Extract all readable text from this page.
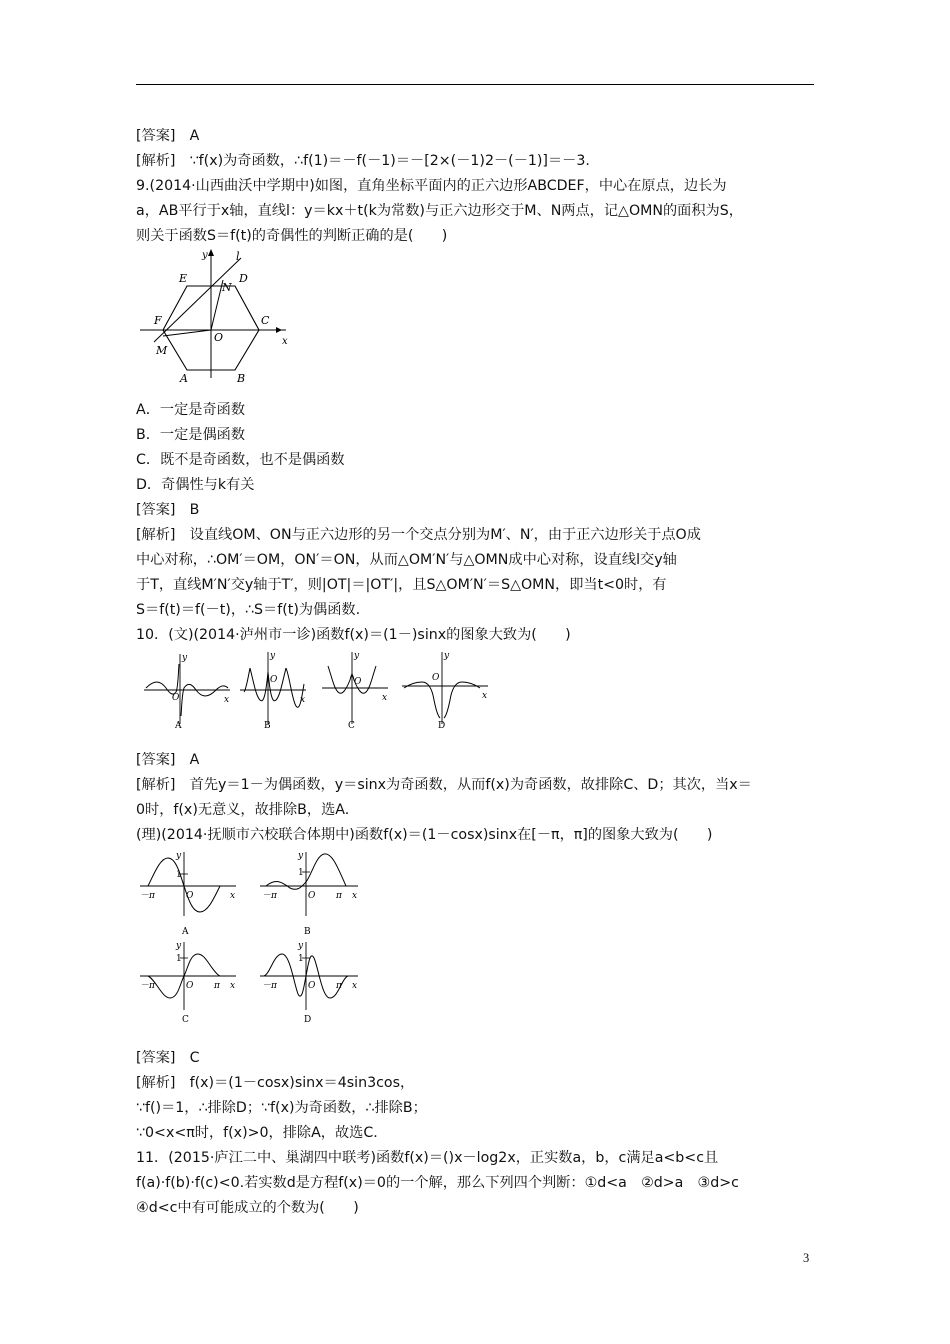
[答案]　A
[解析]　∵f(x)为奇函数，∴f(1)＝－f(－1)＝－[2×(－1)2－(－1)]＝－3.
9.(2014·山西曲沃中学期中)如图，直角坐标平面内的正六边形ABCDEF，中心在原点，边长为
a，AB平行于x轴，直线l：y＝kx＋t(k为常数)与正六边形交于M、N两点，记△OMN的面积为S，
则关于函数S＝f(t)的奇偶性的判断正确的是(　　)
A	B
C
D
E
F
O
M
N
l
x
y
A．一定是奇函数
B．一定是偶函数
C．既不是奇函数，也不是偶函数
D．奇偶性与k有关
[答案]　B
[解析]　设直线OM、ON与正六边形的另一个交点分别为M′、N′，由于正六边形关于点O成
中心对称，∴OM′＝OM，ON′＝ON，从而△OM′N′与△OMN成中心对称，设直线l交y轴
于T，直线M′N′交y轴于T′，则|OT|＝|OT′|，且S△OM′N′＝S△OMN，即当t<0时，有
S＝f(t)＝f(－t)，∴S＝f(t)为偶函数.
10．(文)(2014·泸州市一诊)函数f(x)＝(1－)sinx的图象大致为(　　)
O
y
x
A
O
y
x
B
O
y
x
C
O
y
x
D
[答案]　A
[解析]　首先y＝1－为偶函数，y＝sinx为奇函数，从而f(x)为奇函数，故排除C、D；其次，当x＝
0时，f(x)无意义，故排除B，选A.
(理)(2014·抚顺市六校联合体期中)函数f(x)＝(1－cosx)sinx在[－π，π]的图象大致为(　　)
1
－π	O
y
x
A
1
－π	O π
y
x
B
1
－π	O π
y
x
C
1
－π	O π
y
x
D
[答案]　C
[解析]　f(x)＝(1－cosx)sinx＝4sin3cos，
∵f()＝1，∴排除D；∵f(x)为奇函数，∴排除B；
∵0<x<π时，f(x)>0，排除A，故选C.
11．(2015·庐江二中、巢湖四中联考)函数f(x)＝()x－log2x，正实数a，b，c满足a<b<c且
f(a)·f(b)·f(c)<0.若实数d是方程f(x)＝0的一个解，那么下列四个判断：①d<a　②d>a　③d>c
④d<c中有可能成立的个数为(　　)
3
